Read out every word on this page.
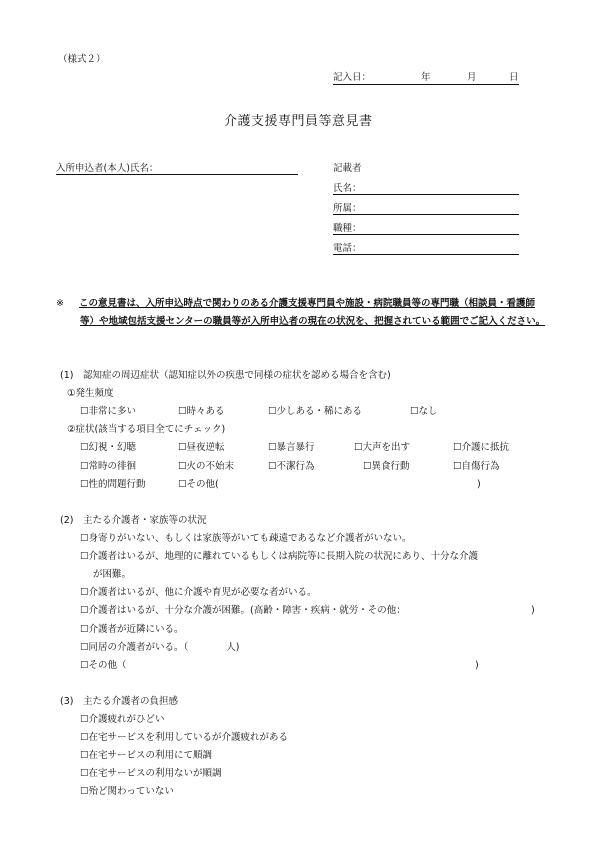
（様式２）
記入日：	年	月	日
介護支援専門員等意見書
入所申込者(本人)氏名：	記載者
氏名：
所属：
職種：
電話：
※	この意見書は、入所申込時点で関わりのある介護支援専門員や施設・病院職員等の専門職（相談員・看護師等）や地域包括支援センターの職員等が入所申込者の現在の状況を、把握されている範囲でご記入ください。
(1)　認知症の周辺症状（認知症以外の疾患で同様の症状を認める場合を含む)
①発生頻度
☐非常に多い	☐時々ある	☐少しある・稀にある	☐なし
②症状(該当する項目全てにチェック)
☐幻視・幻聴	☐昼夜逆転	☐暴言暴行	☐大声を出す	☐介護に抵抗
☐常時の徘徊	☐火の不始末	☐不潔行為	☐異食行動	☐自傷行為
☐性的問題行動	☐その他(	)
(2)　主たる介護者・家族等の状況
☐身寄りがいない、もしくは家族等がいても疎遠であるなど介護者がいない。
☐介護者はいるが、地理的に離れているもしくは病院等に長期入院の状況にあり、十分な介護
が困難。
☐介護者はいるが、他に介護や育児が必要な者がいる。
☐介護者はいるが、十分な介護が困難。(高齢・障害・疾病・就労・その他：	)
☐介護者が近隣にいる。
☐同居の介護者がいる。（　　　　人)
☐その他（	)
(3)　主たる介護者の負担感
☐介護疲れがひどい
☐在宅サービスを利用しているが介護疲れがある
☐在宅サービスの利用にて順調
☐在宅サービスの利用ないが順調
☐殆ど関わっていない
